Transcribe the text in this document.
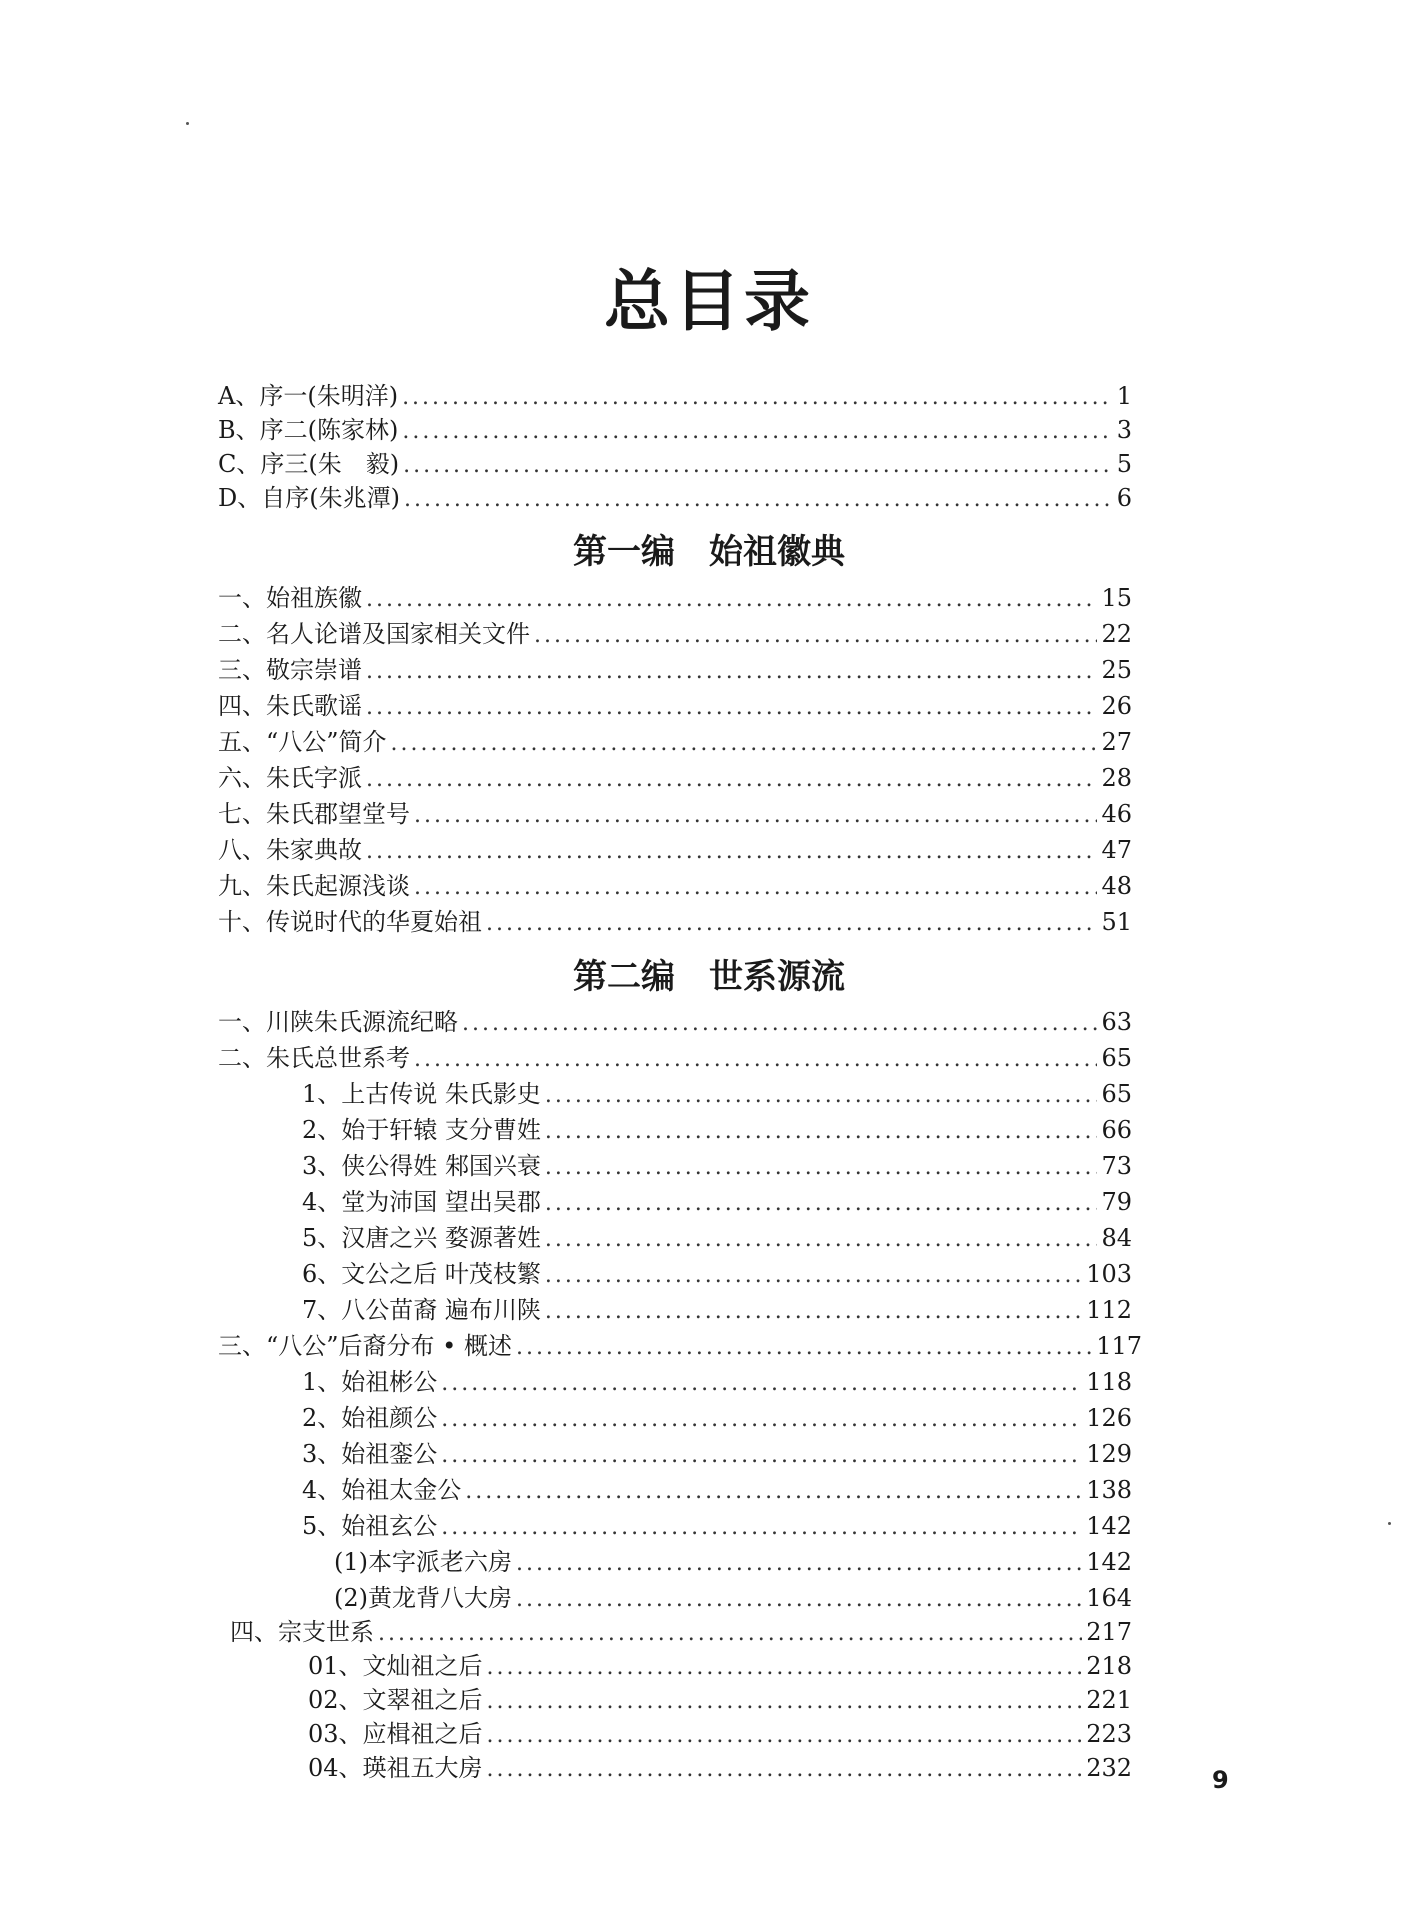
总目录
A、序一(朱明洋) .....	1
B、序二(陈家林) .....	3
C、序三(朱　毅) .....	5
D、自序(朱兆潭) .....	6
第一编　始祖徽典
一、始祖族徽 .....	15
二、名人论谱及国家相关文件 .....	22
三、敬宗崇谱 .....	25
四、朱氏歌谣 .....	26
五、“八公”简介 .....	27
六、朱氏字派 .....	28
七、朱氏郡望堂号 .....	46
八、朱家典故 .....	47
九、朱氏起源浅谈 .....	48
十、传说时代的华夏始祖 .....	51
第二编　世系源流
一、川陕朱氏源流纪略 .....	63
二、朱氏总世系考 .....	65
1、上古传说 朱氏影史 .....	65
2、始于轩辕 支分曹姓 .....	66
3、侠公得姓 邾国兴衰 .....	73
4、堂为沛国 望出吴郡 .....	79
5、汉唐之兴 婺源著姓 .....	84
6、文公之后 叶茂枝繁 .....	103
7、八公苗裔 遍布川陕 .....	112
三、“八公”后裔分布 • 概述 .....	117
1、始祖彬公 .....	118
2、始祖颜公 .....	126
3、始祖銮公 .....	129
4、始祖太金公 .....	138
5、始祖玄公 .....	142
(1)本字派老六房 .....	142
(2)黄龙背八大房 .....	164
四、宗支世系 .....	217
01、文灿祖之后 .....	218
02、文翠祖之后 .....	221
03、应楫祖之后 .....	223
04、瑛祖五大房 .....	232	9
